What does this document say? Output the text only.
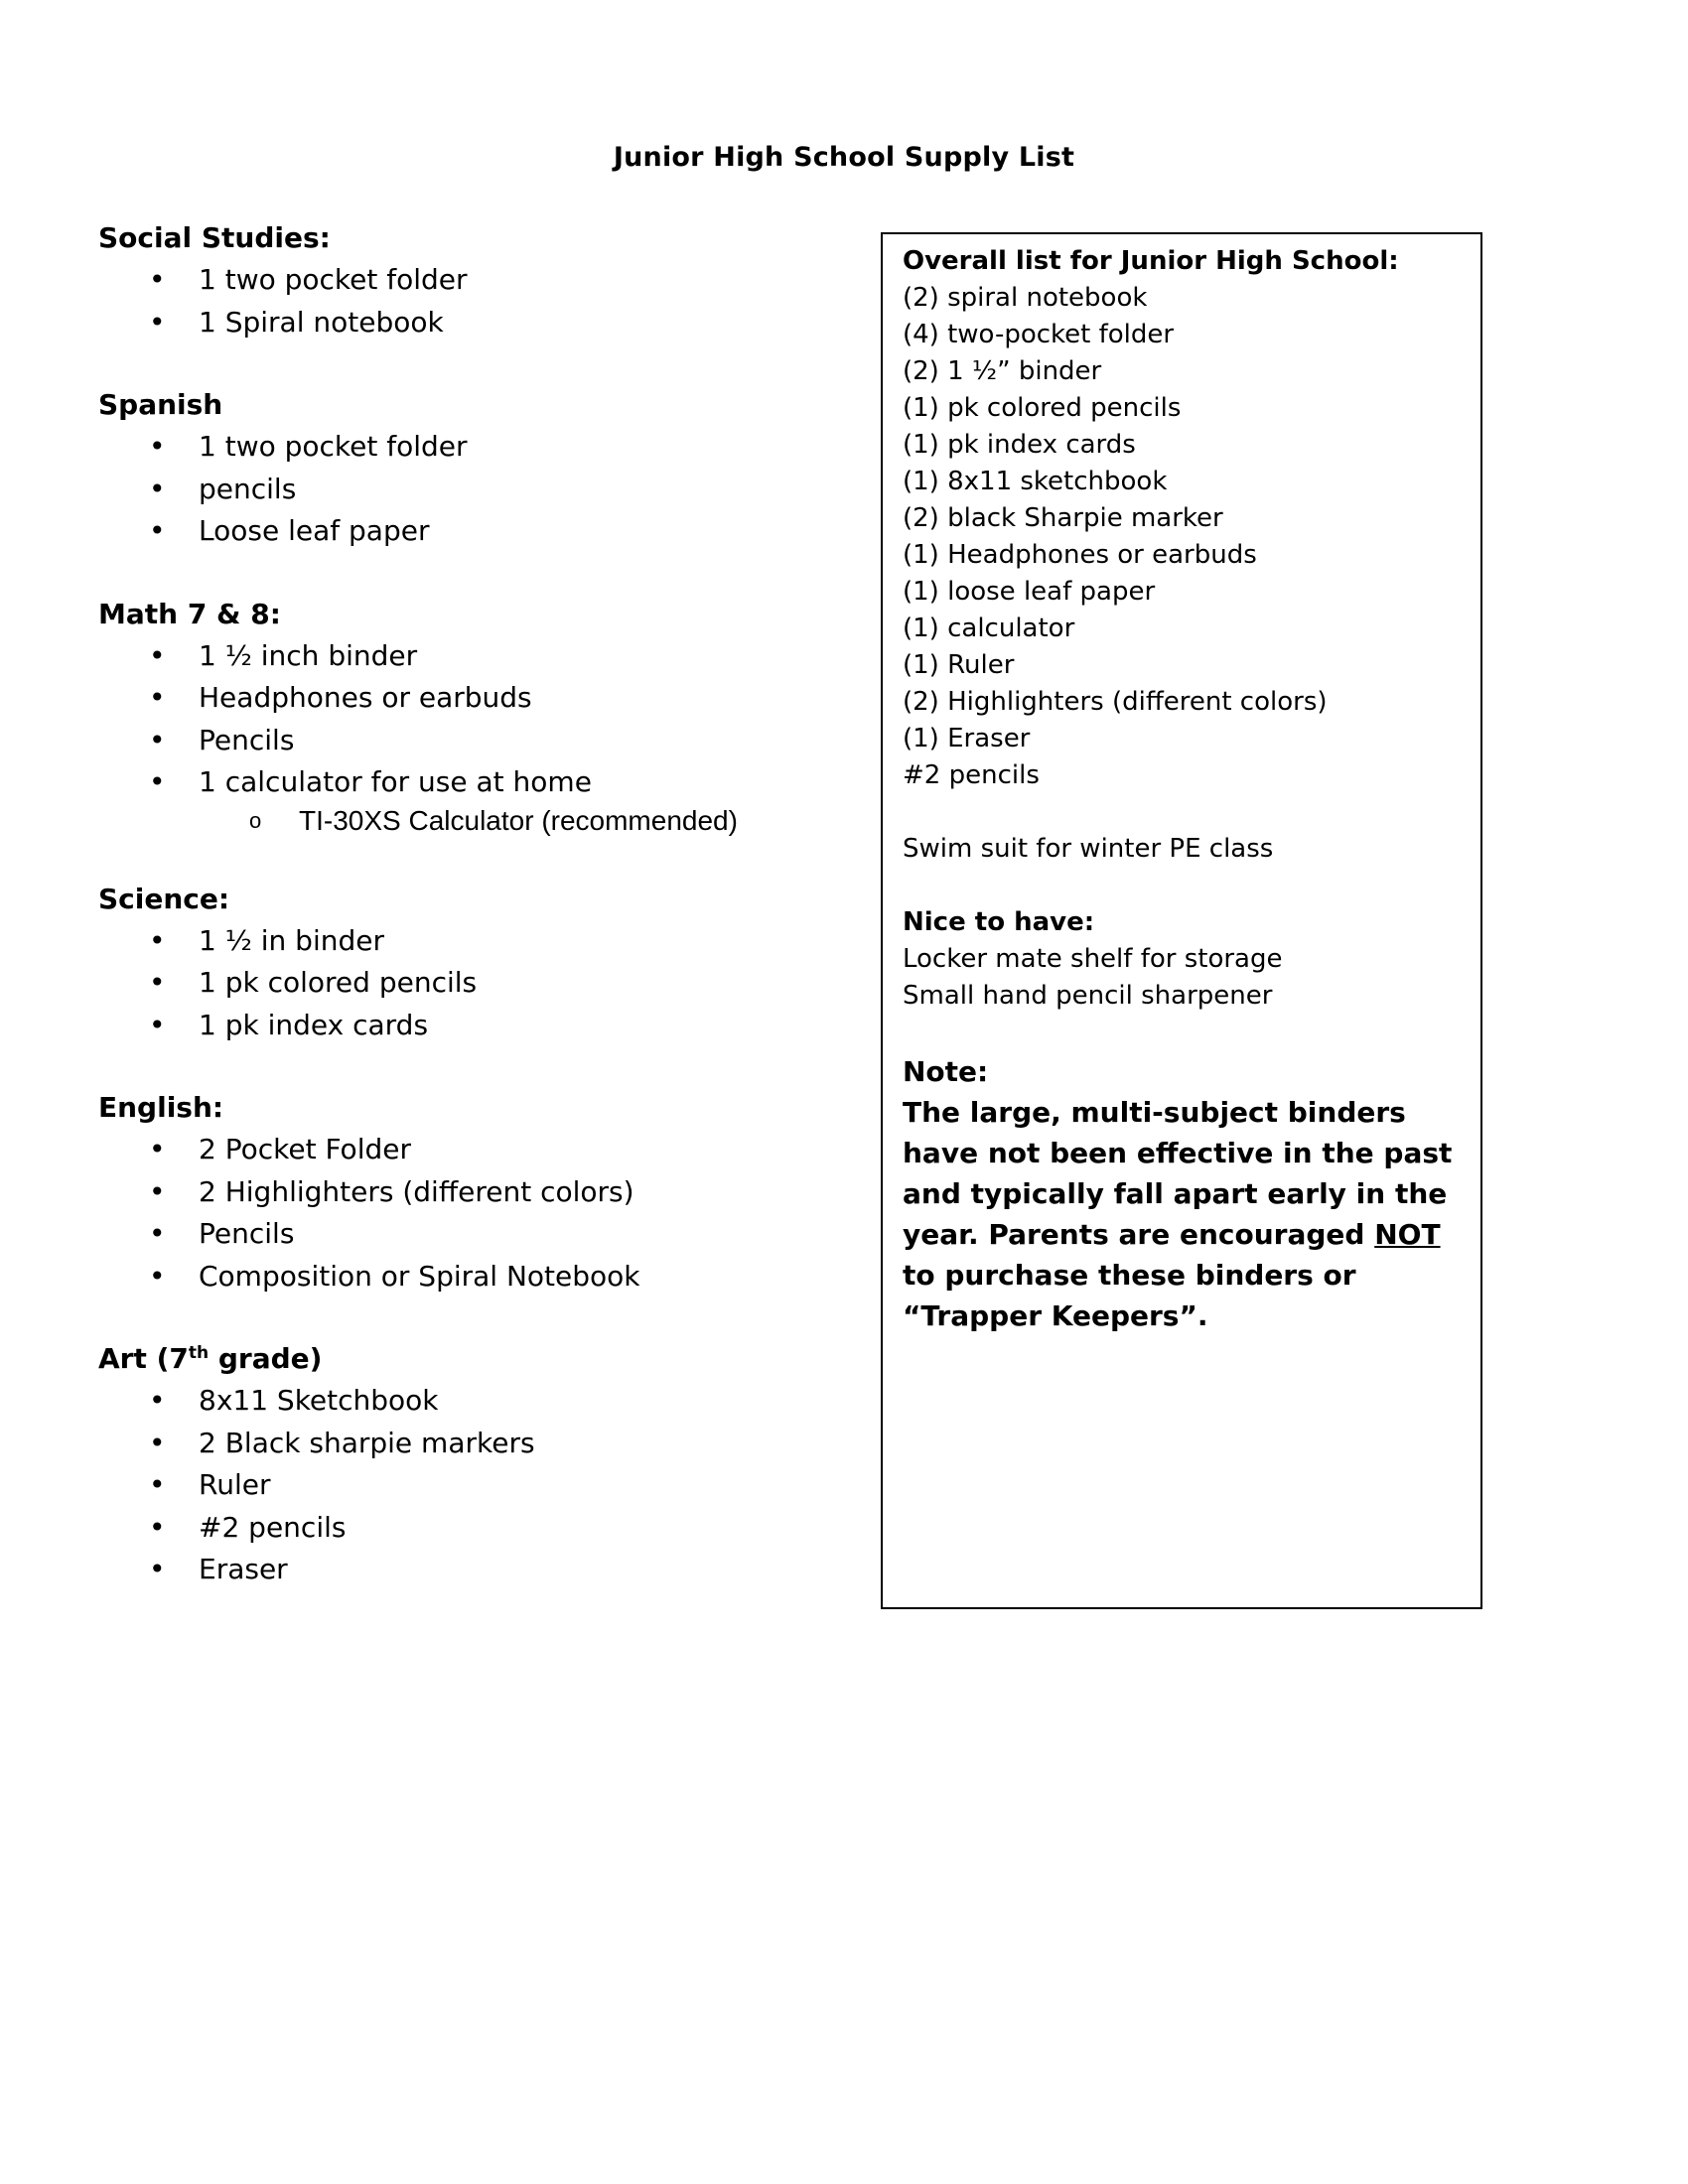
Junior High School Supply List
Social Studies:
• 1 two pocket folder
• 1 Spiral notebook
Spanish
• 1 two pocket folder
• pencils
• Loose leaf paper
Math 7 & 8:
• 1 ½ inch binder
• Headphones or earbuds
• Pencils
• 1 calculator for use at home
o TI-30XS Calculator (recommended)
Science:
• 1 ½ in binder
• 1 pk colored pencils
• 1 pk index cards
English:
• 2 Pocket Folder
• 2 Highlighters (different colors)
• Pencils
• Composition or Spiral Notebook
Art (7th grade)
• 8x11 Sketchbook
• 2 Black sharpie markers
• Ruler
• #2 pencils
• Eraser
Overall list for Junior High School:
(2) spiral notebook
(4) two-pocket folder
(2) 1 ½” binder
(1) pk colored pencils
(1) pk index cards
(1) 8x11 sketchbook
(2) black Sharpie marker
(1) Headphones or earbuds
(1) loose leaf paper
(1) calculator
(1) Ruler
(2) Highlighters (different colors)
(1) Eraser
#2 pencils
Swim suit for winter PE class
Nice to have:
Locker mate shelf for storage
Small hand pencil sharpener
Note:
The large, multi-subject binders have not been effective in the past and typically fall apart early in the year. Parents are encouraged NOT to purchase these binders or “Trapper Keepers”.
